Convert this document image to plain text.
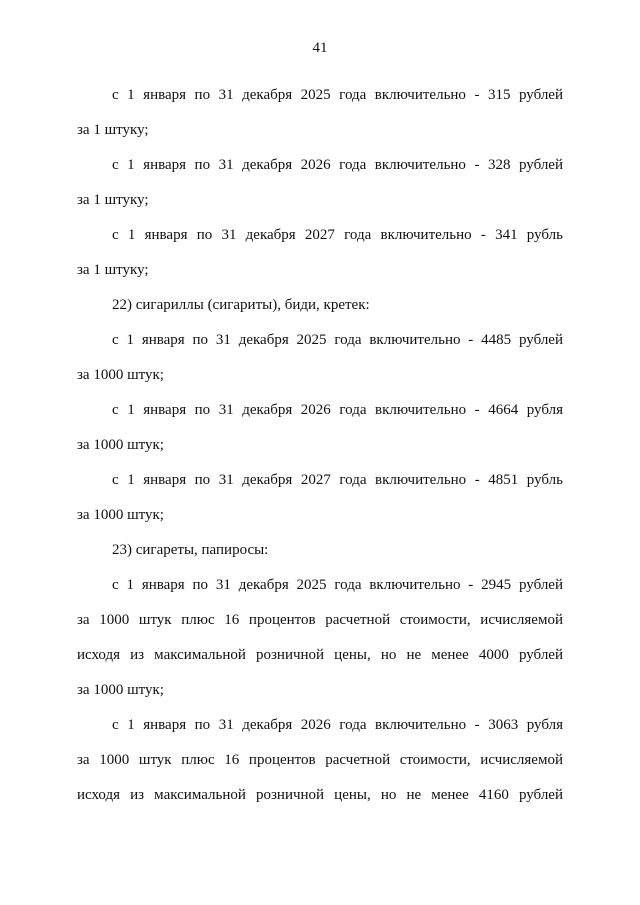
41
с 1 января по 31 декабря 2025 года включительно - 315 рублей
за 1 штуку;
с 1 января по 31 декабря 2026 года включительно - 328 рублей
за 1 штуку;
с 1 января по 31 декабря 2027 года включительно - 341 рубль
за 1 штуку;
22) сигариллы (сигариты), биди, кретек:
с 1 января по 31 декабря 2025 года включительно - 4485 рублей
за 1000 штук;
с 1 января по 31 декабря 2026 года включительно - 4664 рубля
за 1000 штук;
с 1 января по 31 декабря 2027 года включительно - 4851 рубль
за 1000 штук;
23) сигареты, папиросы:
с 1 января по 31 декабря 2025 года включительно - 2945 рублей
за 1000 штук плюс 16 процентов расчетной стоимости, исчисляемой
исходя из максимальной розничной цены, но не менее 4000 рублей
за 1000 штук;
с 1 января по 31 декабря 2026 года включительно - 3063 рубля
за 1000 штук плюс 16 процентов расчетной стоимости, исчисляемой
исходя из максимальной розничной цены, но не менее 4160 рублей
